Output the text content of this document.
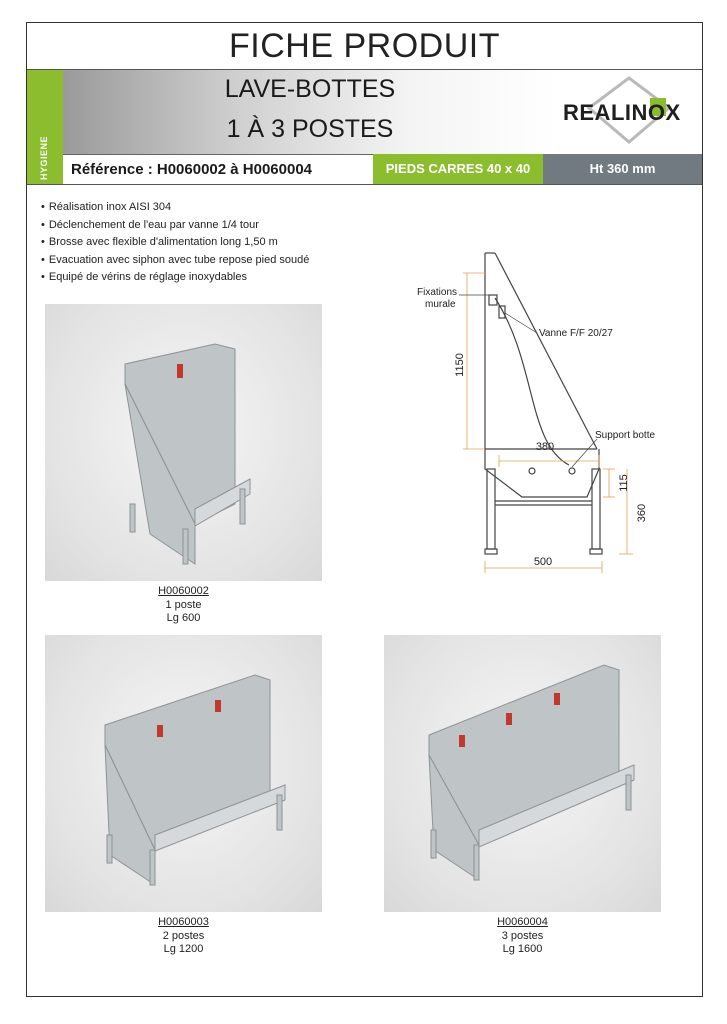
FICHE PRODUIT
HYGIENE
LAVE-BOTTES
1 À 3 POSTES
REALINOX
Référence : H0060002 à H0060004	PIEDS CARRES 40 x 40	Ht 360 mm
• Réalisation inox AISI 304
• Déclenchement de l'eau par vanne 1/4 tour
• Brosse avec flexible d'alimentation long 1,50 m
• Evacuation avec siphon avec tube repose pied soudé
• Equipé de vérins de réglage inoxydables
Fixations
murale
Vanne F/F 20/27
Support botte
1150
380
115
360
500
H0060002
1 poste
Lg 600
H0060003
2 postes
Lg 1200
H0060004
3 postes
Lg 1600
